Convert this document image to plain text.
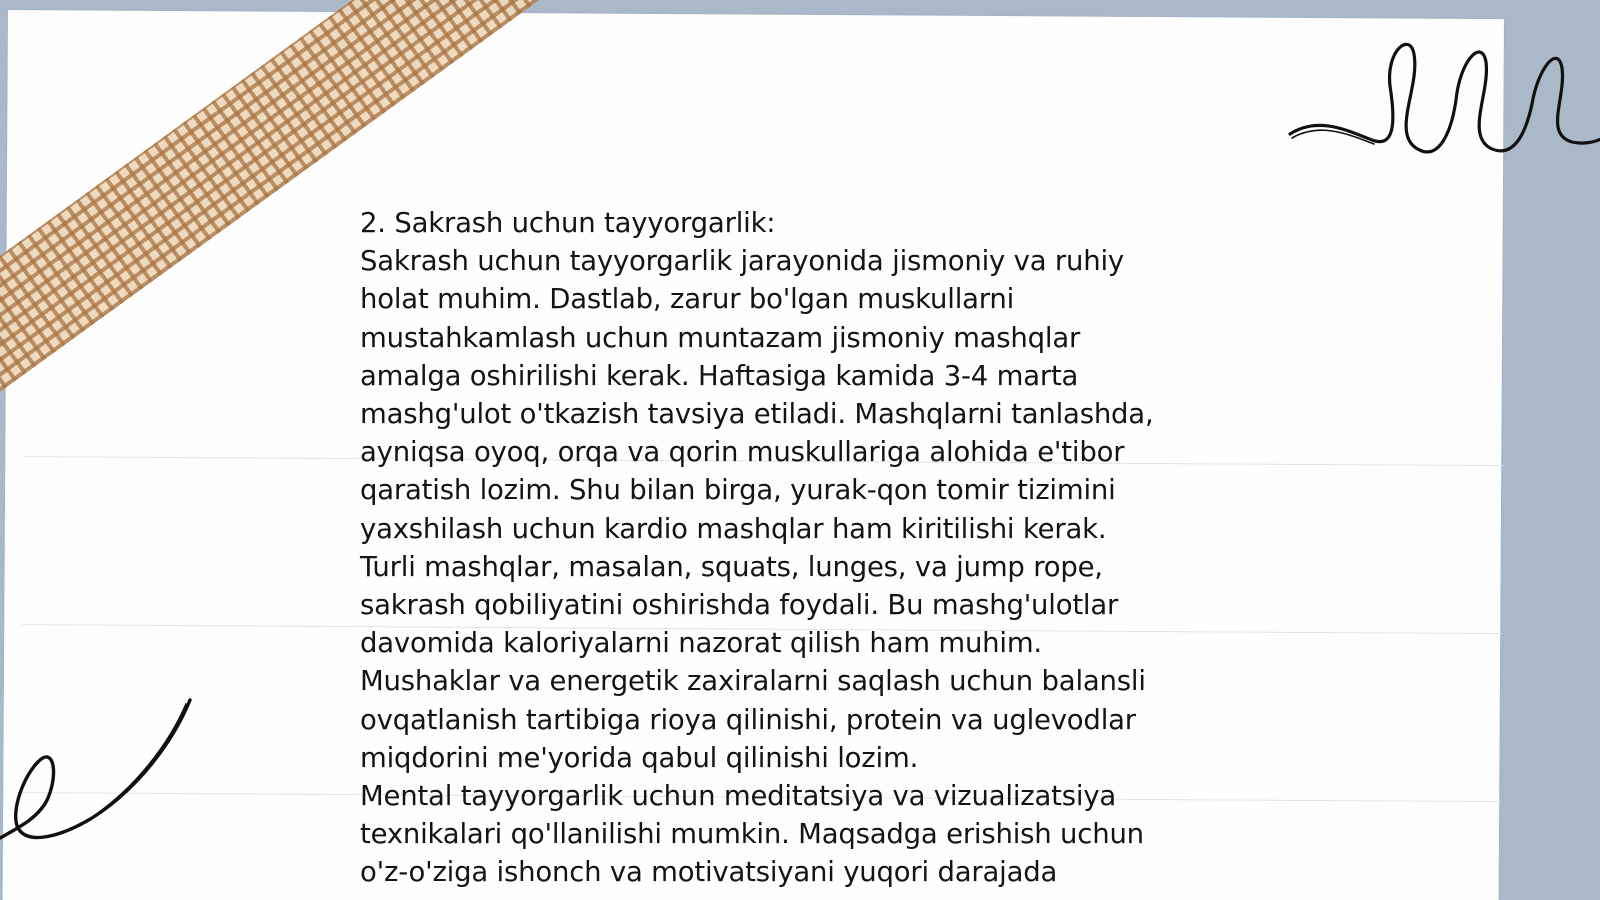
2. Sakrash uchun tayyorgarlik:
Sakrash uchun tayyorgarlik jarayonida jismoniy va ruhiy
holat muhim. Dastlab, zarur bo'lgan muskullarni
mustahkamlash uchun muntazam jismoniy mashqlar
amalga oshirilishi kerak. Haftasiga kamida 3-4 marta
mashg'ulot o'tkazish tavsiya etiladi. Mashqlarni tanlashda,
ayniqsa oyoq, orqa va qorin muskullariga alohida e'tibor
qaratish lozim. Shu bilan birga, yurak-qon tomir tizimini
yaxshilash uchun kardio mashqlar ham kiritilishi kerak.
Turli mashqlar, masalan, squats, lunges, va jump rope,
sakrash qobiliyatini oshirishda foydali. Bu mashg'ulotlar
davomida kaloriyalarni nazorat qilish ham muhim.
Mushaklar va energetik zaxiralarni saqlash uchun balansli
ovqatlanish tartibiga rioya qilinishi, protein va uglevodlar
miqdorini me'yorida qabul qilinishi lozim.
Mental tayyorgarlik uchun meditatsiya va vizualizatsiya
texnikalari qo'llanilishi mumkin. Maqsadga erishish uchun
o'z-o'ziga ishonch va motivatsiyani yuqori darajada
